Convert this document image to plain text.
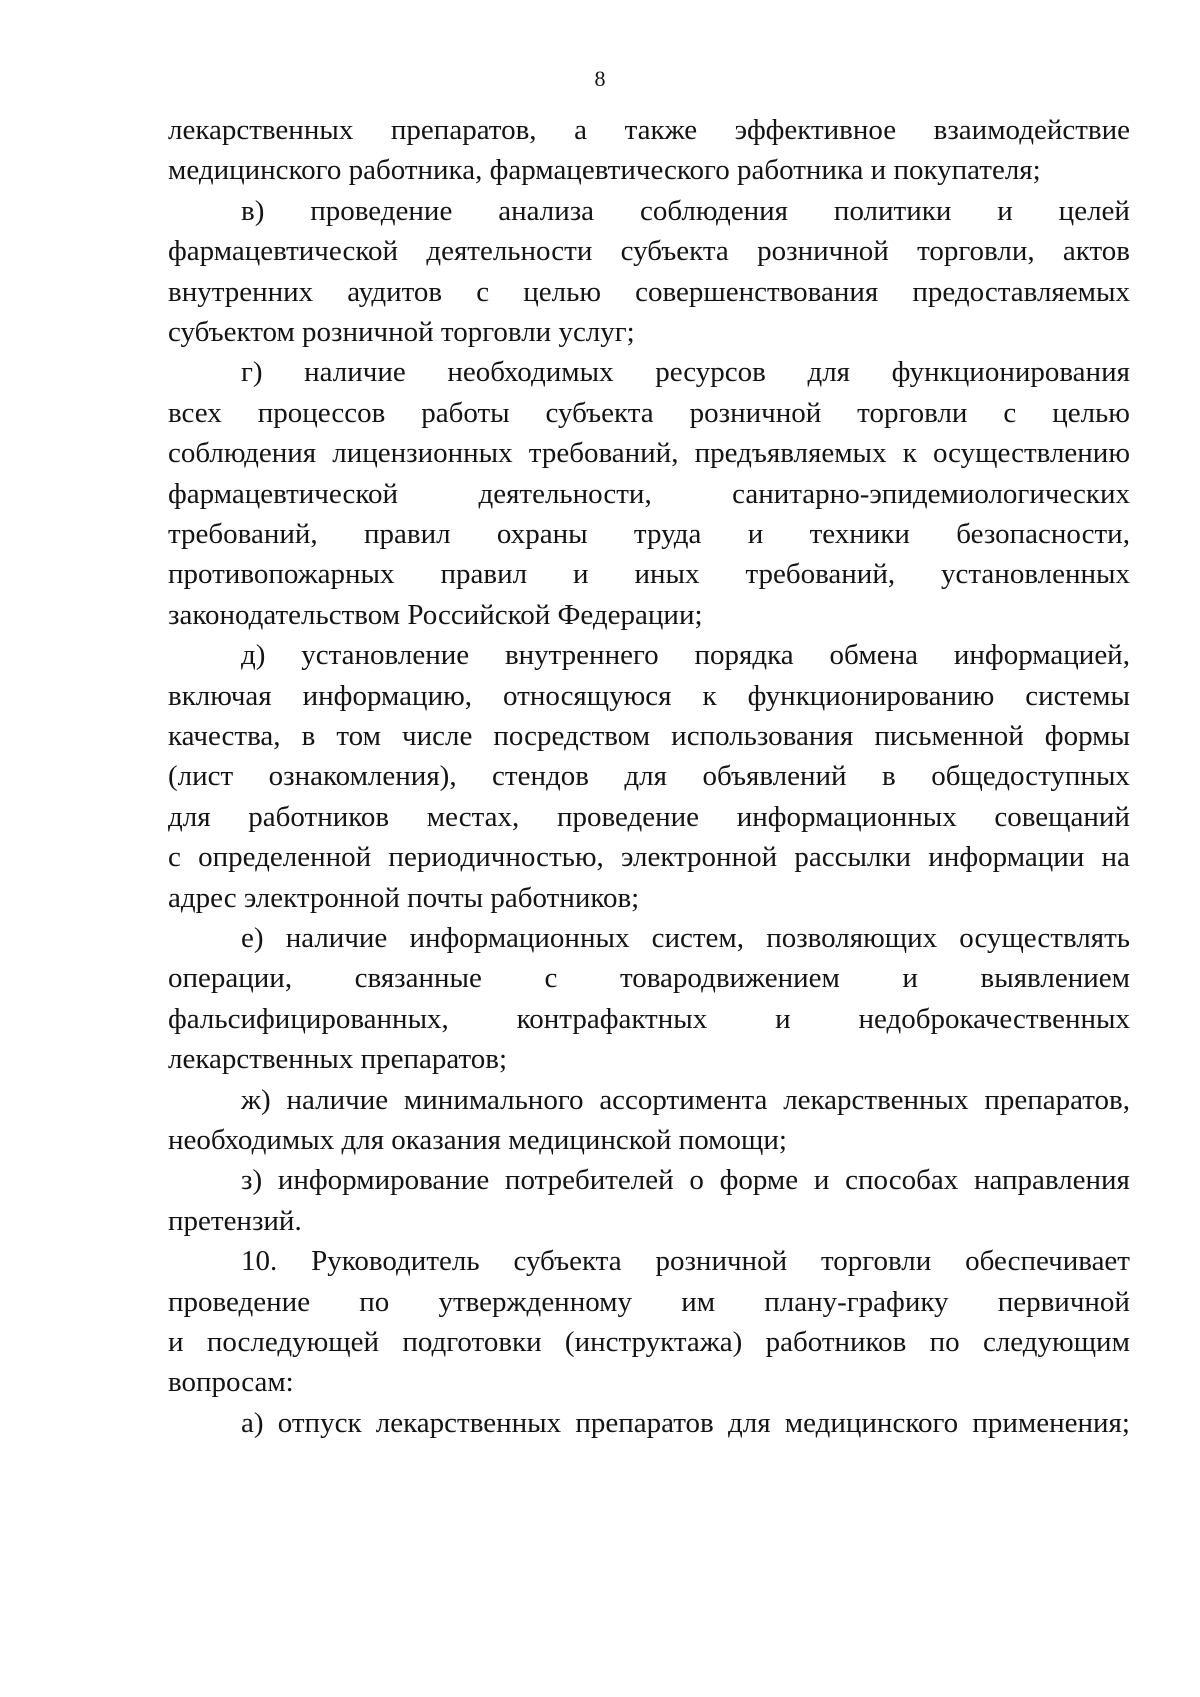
8
лекарственных препаратов, а также эффективное взаимодействие
медицинского работника, фармацевтического работника и покупателя;
в) проведение анализа соблюдения политики и целей
фармацевтической деятельности субъекта розничной торговли, актов
внутренних аудитов с целью совершенствования предоставляемых
субъектом розничной торговли услуг;
г) наличие необходимых ресурсов для функционирования
всех процессов работы субъекта розничной торговли с целью
соблюдения лицензионных требований, предъявляемых к осуществлению
фармацевтической	деятельности,	санитарно-эпидемиологических
требований, правил охраны труда и техники безопасности,
противопожарных правил и иных требований, установленных
законодательством Российской Федерации;
д) установление внутреннего порядка обмена информацией,
включая информацию, относящуюся к функционированию системы
качества, в том числе посредством использования письменной формы
(лист ознакомления), стендов для объявлений в общедоступных
для работников местах, проведение информационных совещаний
с определенной периодичностью, электронной рассылки информации на
адрес электронной почты работников;
е) наличие информационных систем, позволяющих осуществлять
операции, связанные с товародвижением и выявлением
фальсифицированных, контрафактных и недоброкачественных
лекарственных препаратов;
ж) наличие минимального ассортимента лекарственных препаратов,
необходимых для оказания медицинской помощи;
з) информирование потребителей о форме и способах направления
претензий.
10. Руководитель субъекта розничной торговли обеспечивает
проведение по утвержденному им плану-графику первичной
и последующей подготовки (инструктажа) работников по следующим
вопросам:
а) отпуск лекарственных препаратов для медицинского применения;
